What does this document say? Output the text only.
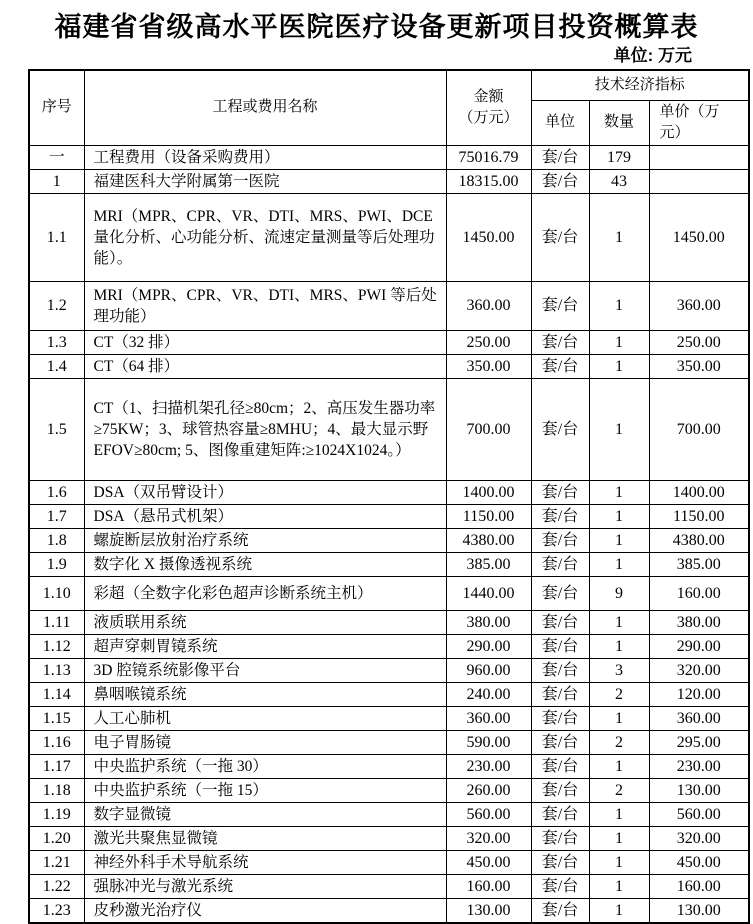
福建省省级高水平医院医疗设备更新项目投资概算表
单位: 万元
序号	工程或费用名称	金额
（万元）	技术经济指标		
			单位	数量	单价（万元）
一	工程费用（设备采购费用）	75016.79	套/台	179	
1	福建医科大学附属第一医院	18315.00	套/台	43	
1.1	MRI（MPR、CPR、VR、DTI、MRS、PWI、DCE量化分析、心功能分析、流速定量测量等后处理功能）。	1450.00	套/台	1	1450.00
1.2	MRI（MPR、CPR、VR、DTI、MRS、PWI 等后处理功能）	360.00	套/台	1	360.00
1.3	CT（32 排）	250.00	套/台	1	250.00
1.4	CT（64 排）	350.00	套/台	1	350.00
1.5	CT（1、扫描机架孔径≥80cm；2、高压发生器功率≥75KW；3、球管热容量≥8MHU；4、最大显示野 EFOV≥80cm; 5、图像重建矩阵:≥1024X1024。）	700.00	套/台	1	700.00
1.6	DSA（双吊臂设计）	1400.00	套/台	1	1400.00
1.7	DSA（悬吊式机架）	1150.00	套/台	1	1150.00
1.8	螺旋断层放射治疗系统	4380.00	套/台	1	4380.00
1.9	数字化 X 摄像透视系统	385.00	套/台	1	385.00
1.10	彩超（全数字化彩色超声诊断系统主机）	1440.00	套/台	9	160.00
1.11	液质联用系统	380.00	套/台	1	380.00
1.12	超声穿刺胃镜系统	290.00	套/台	1	290.00
1.13	3D 腔镜系统影像平台	960.00	套/台	3	320.00
1.14	鼻咽喉镜系统	240.00	套/台	2	120.00
1.15	人工心肺机	360.00	套/台	1	360.00
1.16	电子胃肠镜	590.00	套/台	2	295.00
1.17	中央监护系统（一拖 30）	230.00	套/台	1	230.00
1.18	中央监护系统（一拖 15）	260.00	套/台	2	130.00
1.19	数字显微镜	560.00	套/台	1	560.00
1.20	激光共聚焦显微镜	320.00	套/台	1	320.00
1.21	神经外科手术导航系统	450.00	套/台	1	450.00
1.22	强脉冲光与激光系统	160.00	套/台	1	160.00
1.23	皮秒激光治疗仪	130.00	套/台	1	130.00
